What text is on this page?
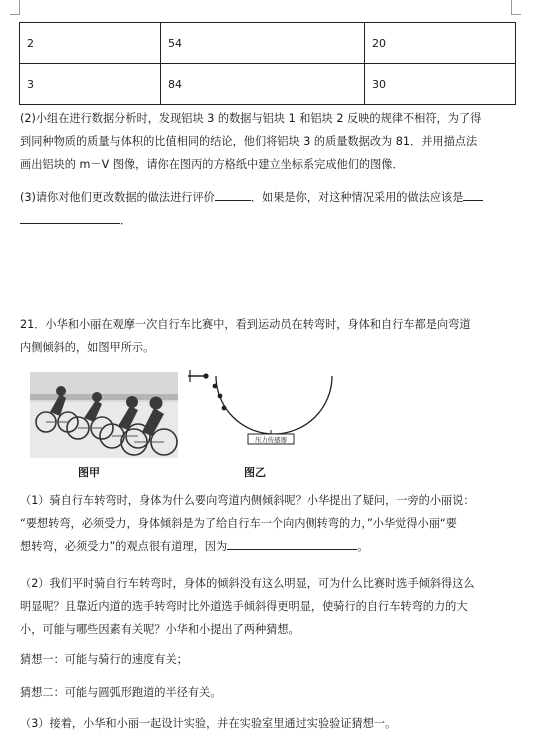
2	54	20
3	84	30
(2)小组在进行数据分析时，发现铝块 3 的数据与铝块 1 和铝块 2 反映的规律不相符，为了得
到同种物质的质量与体积的比值相同的结论，他们将铝块 3 的质量数据改为 81．并用描点法
画出铝块的 m－V 图像，请你在图丙的方格纸中建立坐标系完成他们的图像．
(3)请你对他们更改数据的做法进行评价	．如果是你，对这种情况采用的做法应该是
．
21．小华和小丽在观摩一次自行车比赛中，看到运动员在转弯时，身体和自行车都是向弯道
内侧倾斜的，如图甲所示。
图甲
压力传感器
图乙
（1）骑自行车转弯时，身体为什么要向弯道内侧倾斜呢？小华提出了疑问，一旁的小丽说：
“要想转弯，必须受力，身体倾斜是为了给自行车一个向内侧转弯的力，”小华觉得小丽“要
想转弯，必须受力”的观点很有道理，因为	。
（2）我们平时骑自行车转弯时，身体的倾斜没有这么明显，可为什么比赛时选手倾斜得这么
明显呢？且靠近内道的选手转弯时比外道选手倾斜得更明显，使骑行的自行车转弯的力的大
小，可能与哪些因素有关呢？小华和小提出了两种猜想。
猜想一：可能与骑行的速度有关；
猜想二：可能与圆弧形跑道的半径有关。
（3）接着，小华和小丽一起设计实验，并在实验室里通过实验验证猜想一。
